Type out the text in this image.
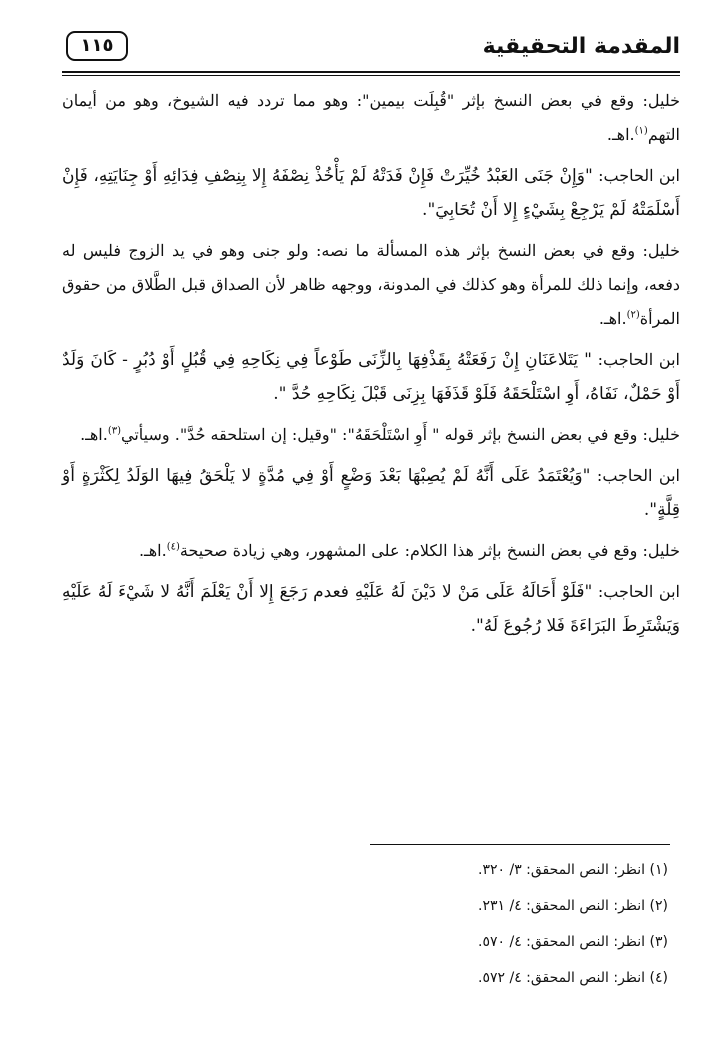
المقدمة التحقيقية
١١٥

خليل: وقع في بعض النسخ بإثر "قُبِلَت بيمين": وهو مما تردد فيه الشيوخ، وهو من أيمان التهم$^{(١)}$.اهـ.

ابن الحاجب: "وَإِنْ جَنَى العَبْدُ خُيِّرَتْ فَإِنْ فَدَتْهُ لَمْ يَأْخُذْ نِصْفَهُ إِلا بِنِصْفِ فِدَائِهِ أَوْ جِنَايَتِهِ، فَإِنْ أَسْلَمَتْهُ لَمْ يَرْجِعْ بِشَيْءٍ إِلا أَنْ تُحَابِيَ".

خليل: وقع في بعض النسخ بإثر هذه المسألة ما نصه: ولو جنى وهو في يد الزوج فليس له دفعه، وإنما ذلك للمرأة وهو كذلك في المدونة، ووجهه ظاهر لأن الصداق قبل الطَّلاق من حقوق المرأة$^{(٢)}$.اهـ.

ابن الحاجب: " يَتَلاعَنَانِ إِنْ رَفَعَتْهُ بِقَذْفِهَا بِالزِّنَى طَوْعاً فِي نِكَاحِهِ فِي قُبُلٍ أَوْ دُبُرٍ - كَانَ وَلَدٌ أَوْ حَمْلٌ، نَفَاهُ، أَوِ اسْتَلْحَقَهُ فَلَوْ قَذَفَهَا بِزِنَى قَبْلَ نِكَاحِهِ حُدَّ ".

خليل: وقع في بعض النسخ بإثر قوله " أَوِ اسْتَلْحَقَهُ": "وقيل: إن استلحقه حُدَّ". وسيأتي$^{(٣)}$.اهـ.

ابن الحاجب: "وَيُعْتَمَدُ عَلَى أَنَّهُ لَمْ يُصِبْهَا بَعْدَ وَضْعٍ أَوْ فِي مُدَّةٍ لا يَلْحَقُ فِيهَا الوَلَدُ لِكَثْرَةٍ أَوْ قِلَّةٍ".

خليل: وقع في بعض النسخ بإثر هذا الكلام: على المشهور، وهي زيادة صحيحة$^{(٤)}$.اهـ.

ابن الحاجب: "فَلَوْ أَحَالَهُ عَلَى مَنْ لا دَيْنَ لَهُ عَلَيْهِ فعدم رَجَعَ إِلا أَنْ يَعْلَمَ أَنَّهُ لا شَيْءَ لَهُ عَلَيْهِ وَيَشْتَرِطَ البَرَاءَةَ فَلا رُجُوعَ لَهُ".

(١) انظر: النص المحقق: ٣/ ٣٢٠.
(٢) انظر: النص المحقق: ٤/ ٢٣١.
(٣) انظر: النص المحقق: ٤/ ٥٧٠.
(٤) انظر: النص المحقق: ٤/ ٥٧٢.
